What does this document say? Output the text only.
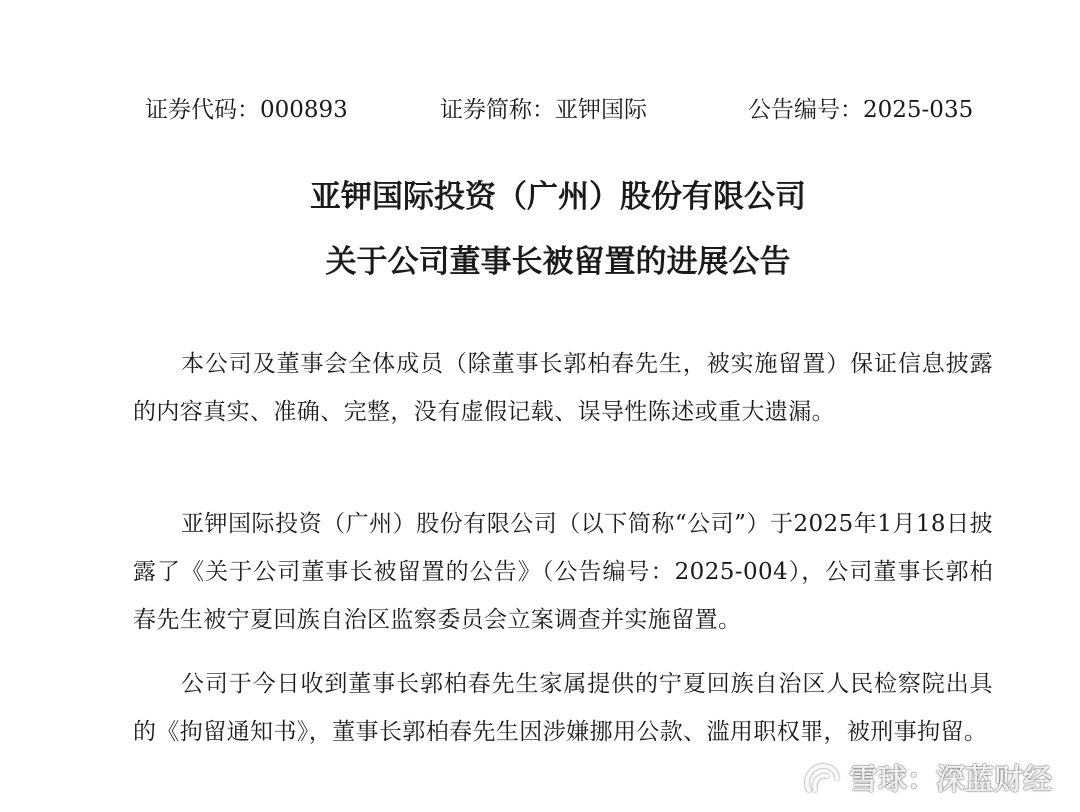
证券代码：000893	证券简称：亚钾国际	公告编号：2025-035
亚钾国际投资（广州）股份有限公司
关于公司董事长被留置的进展公告
本公司及董事会全体成员（除董事长郭柏春先生，被实施留置）保证信息披露的内容真实、准确、完整，没有虚假记载、误导性陈述或重大遗漏。
亚钾国际投资（广州）股份有限公司（以下简称“公司”）于2025年1月18日披露了《关于公司董事长被留置的公告》（公告编号：2025-004），公司董事长郭柏春先生被宁夏回族自治区监察委员会立案调查并实施留置。
公司于今日收到董事长郭柏春先生家属提供的宁夏回族自治区人民检察院出具的《拘留通知书》，董事长郭柏春先生因涉嫌挪用公款、滥用职权罪，被刑事拘留。
雪球：深蓝财经
